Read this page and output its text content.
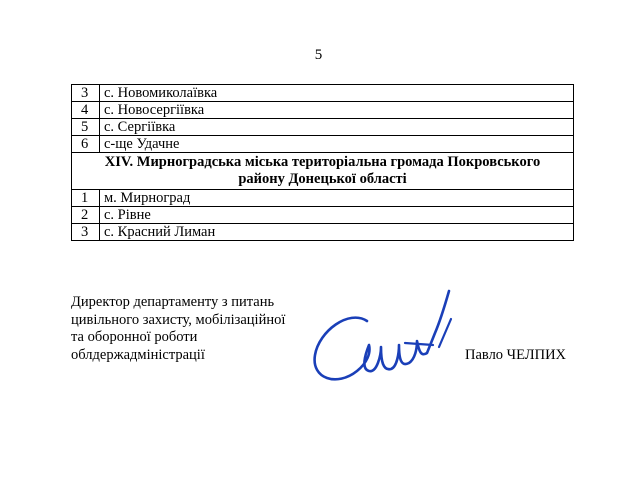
5
3	с. Новомиколаївка
4	с. Новосергіївка
5	с. Сергіївка
6	с-ще Удачне
XIV. Мирноградська міська територіальна громада Покровського
району Донецької області	
1	м. Мирноград
2	с. Рівне
3	с. Красний Лиман
Директор департаменту з питань
цивільного захисту, мобілізаційної
та оборонної роботи
облдержадміністрації	Павло ЧЕЛПИХ
